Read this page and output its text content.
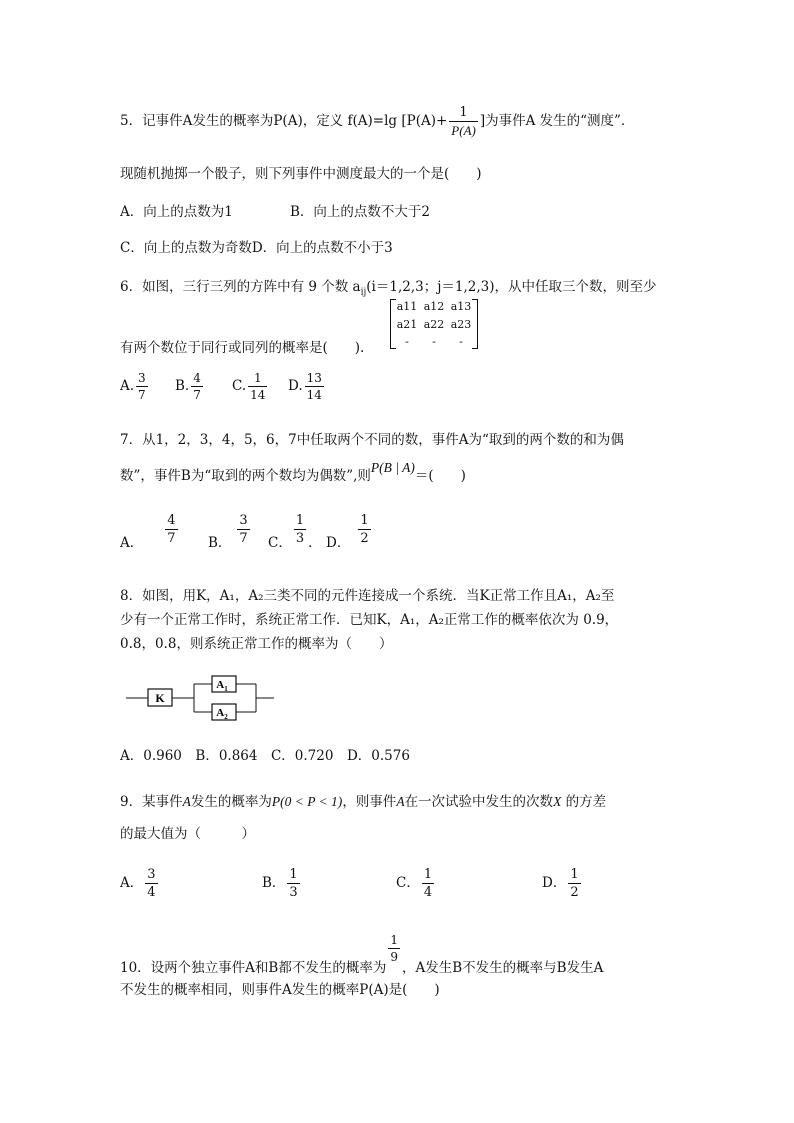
5．记事件A发生的概率为P(A)，定义 f(A)=lg [$P(A)+ \frac{1}{P(A)}$ ]为事件A 发生的“测度”．
现随机抛掷一个骰子，则下列事件中测度最大的一个是(　　)
A．向上的点数为1	B．向上的点数不大于2
C．向上的点数为奇数D．向上的点数不小于3
6．如图，三行三列的方阵中有 9 个数 $a_{ij}(i=1,2,3$；j＝1,2,3)，从中任取三个数，则至少
有两个数位于同行或同列的概率是(　　).
a11 a12 a13
a21 a22 a23
-	-	-
A. $\frac{3}{7} B$. $\frac{4}{7} C$. $\frac{1}{14} D$. $\frac{13}{14}$
7．从1，2，3，4，5，6，7中任取两个不同的数，事件A为“取到的两个数的和为偶
数”，事件B为“取到的两个数均为偶数”,则P(B | A)＝(　　)
A． $\frac{4}{7}$ B． $\frac{3}{7}$ C． $\frac{1}{3}$ ． D． $\frac{1}{2}$
8．如图，用K，A₁，A₂三类不同的元件连接成一个系统．当K正常工作且A₁，A₂至
少有一个正常工作时，系统正常工作．已知K，A₁，A₂正常工作的概率依次为 0.9，
0.8，0.8，则系统正常工作的概率为（　　）
K
$A_1$
$A_2$
A．0.960　B．0.864　C．0.720　D．0.576
9．某事件A发生的概率为P(0 < P < 1)，则事件A在一次试验中发生的次数X 的方差
的最大值为（　　　）
A． $\frac{3}{4}$	B． $\frac{1}{3}$	C． $\frac{1}{4}$	D． $\frac{1}{2}$
10．设两个独立事件A和B都不发生的概率为
$\frac{1}{9}$
，A发生B不发生的概率与B发生A
不发生的概率相同，则事件A发生的概率P(A)是(　　)
